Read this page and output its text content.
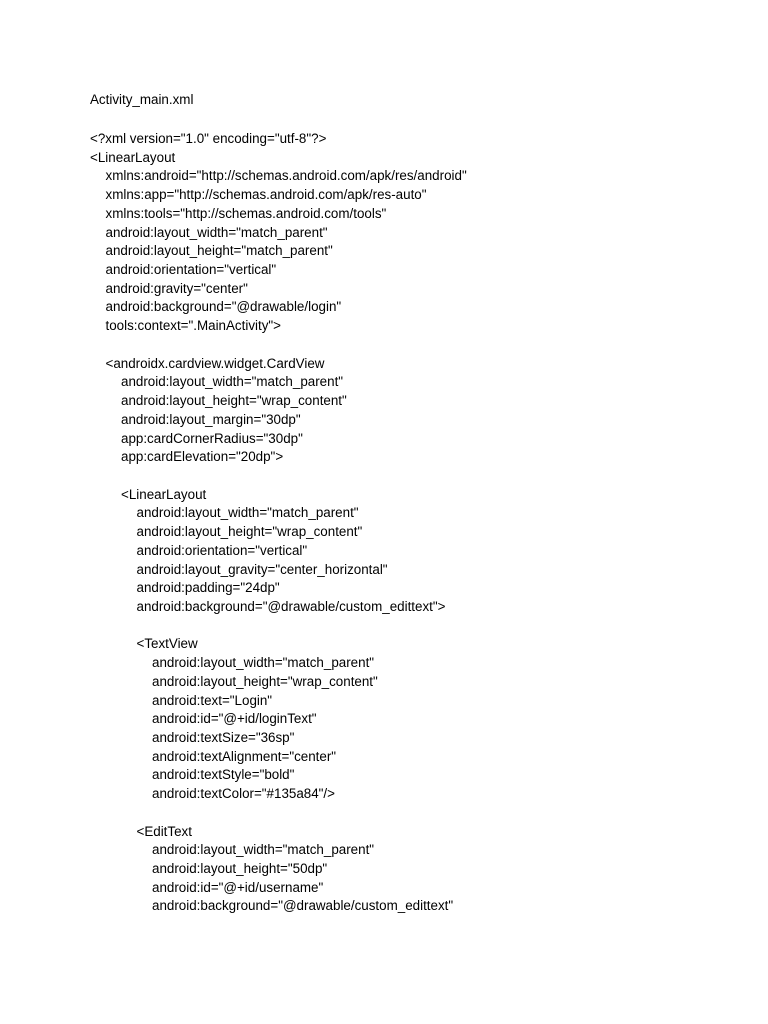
Activity_main.xml
<?xml version="1.0" encoding="utf-8"?>
<LinearLayout
xmlns:android="http://schemas.android.com/apk/res/android"
xmlns:app="http://schemas.android.com/apk/res-auto"
xmlns:tools="http://schemas.android.com/tools"
android:layout_width="match_parent"
android:layout_height="match_parent"
android:orientation="vertical"
android:gravity="center"
android:background="@drawable/login"
tools:context=".MainActivity">
<androidx.cardview.widget.CardView
android:layout_width="match_parent"
android:layout_height="wrap_content"
android:layout_margin="30dp"
app:cardCornerRadius="30dp"
app:cardElevation="20dp">
<LinearLayout
android:layout_width="match_parent"
android:layout_height="wrap_content"
android:orientation="vertical"
android:layout_gravity="center_horizontal"
android:padding="24dp"
android:background="@drawable/custom_edittext">
<TextView
android:layout_width="match_parent"
android:layout_height="wrap_content"
android:text="Login"
android:id="@+id/loginText"
android:textSize="36sp"
android:textAlignment="center"
android:textStyle="bold"
android:textColor="#135a84"/>
<EditText
android:layout_width="match_parent"
android:layout_height="50dp"
android:id="@+id/username"
android:background="@drawable/custom_edittext"
